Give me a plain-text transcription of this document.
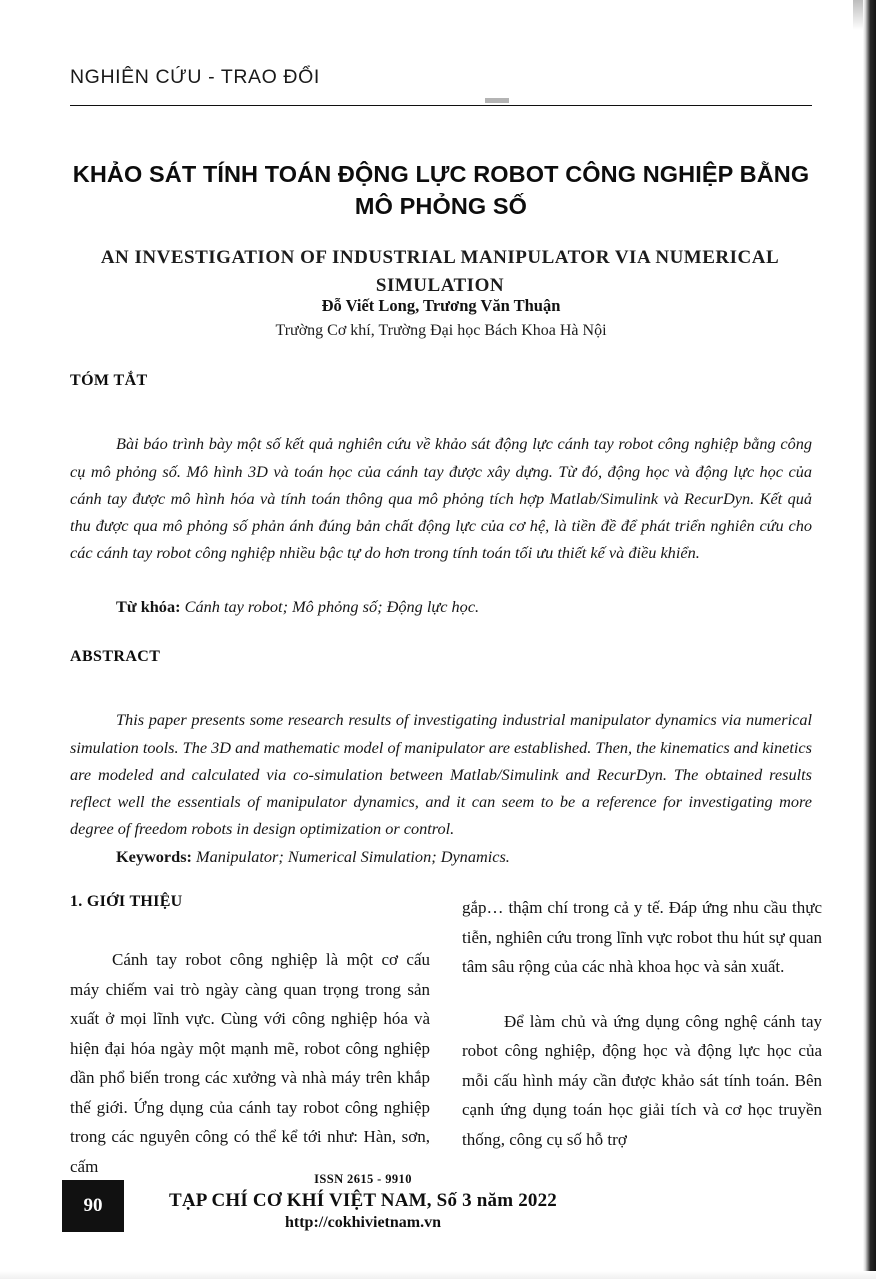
NGHIÊN CỨU - TRAO ĐỔI
KHẢO SÁT TÍNH TOÁN ĐỘNG LỰC ROBOT CÔNG NGHIỆP BẰNG MÔ PHỎNG SỐ
AN INVESTIGATION OF INDUSTRIAL MANIPULATOR VIA NUMERICAL SIMULATION
Đỗ Viết Long, Trương Văn Thuận
Trường Cơ khí, Trường Đại học Bách Khoa Hà Nội
TÓM TẮT

Bài báo trình bày một số kết quả nghiên cứu về khảo sát động lực cánh tay robot công nghiệp bằng công cụ mô phỏng số. Mô hình 3D và toán học của cánh tay được xây dựng. Từ đó, động học và động lực học của cánh tay được mô hình hóa và tính toán thông qua mô phỏng tích hợp Matlab/Simulink và RecurDyn. Kết quả thu được qua mô phỏng số phản ánh đúng bản chất động lực của cơ hệ, là tiền đề để phát triển nghiên cứu cho các cánh tay robot công nghiệp nhiều bậc tự do hơn trong tính toán tối ưu thiết kế và điều khiển.

Từ khóa: Cánh tay robot; Mô phỏng số; Động lực học.

ABSTRACT

This paper presents some research results of investigating industrial manipulator dynamics via numerical simulation tools. The 3D and mathematic model of manipulator are established. Then, the kinematics and kinetics are modeled and calculated via co-simulation between Matlab/Simulink and RecurDyn. The obtained results reflect well the essentials of manipulator dynamics, and it can seem to be a reference for investigating more degree of freedom robots in design optimization or control.

Keywords: Manipulator; Numerical Simulation; Dynamics.

1. GIỚI THIỆU

Cánh tay robot công nghiệp là một cơ cấu máy chiếm vai trò ngày càng quan trọng trong sản xuất ở mọi lĩnh vực. Cùng với công nghiệp hóa và hiện đại hóa ngày một mạnh mẽ, robot công nghiệp dần phổ biến trong các xưởng và nhà máy trên khắp thế giới. Ứng dụng của cánh tay robot công nghiệp trong các nguyên công có thể kể tới như: Hàn, sơn, cấm

gắp… thậm chí trong cả y tế. Đáp ứng nhu cầu thực tiễn, nghiên cứu trong lĩnh vực robot thu hút sự quan tâm sâu rộng của các nhà khoa học và sản xuất.

Để làm chủ và ứng dụng công nghệ cánh tay robot công nghiệp, động học và động lực học của mỗi cấu hình máy cần được khảo sát tính toán. Bên cạnh ứng dụng toán học giải tích và cơ học truyền thống, công cụ số hỗ trợ

90
ISSN 2615 - 9910
TẠP CHÍ CƠ KHÍ VIỆT NAM, Số 3 năm 2022
http://cokhivietnam.vn
